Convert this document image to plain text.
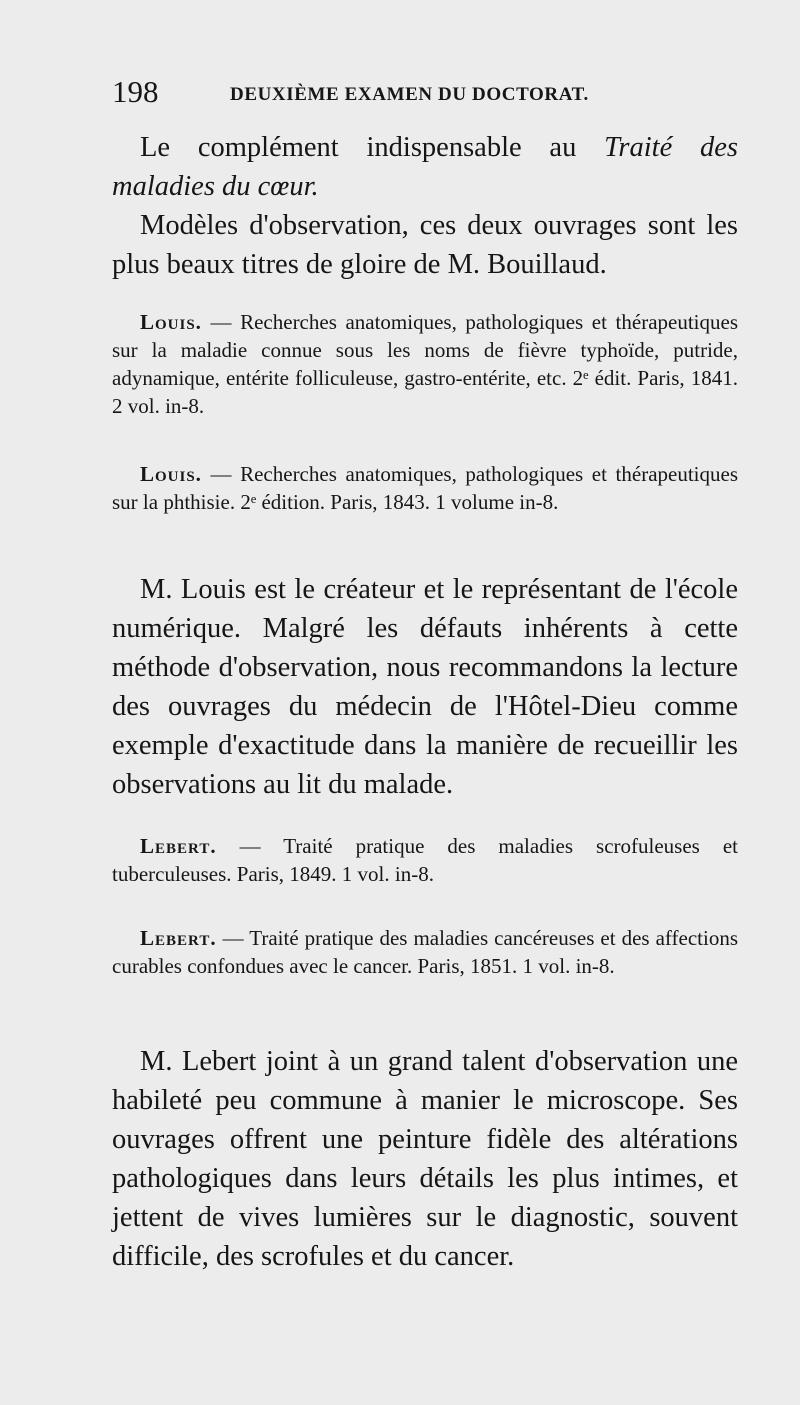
198	DEUXIÈME EXAMEN DU DOCTORAT.

Le complément indispensable au Traité des maladies du cœur.
Modèles d'observation, ces deux ouvrages sont les plus beaux titres de gloire de M. Bouillaud.

Louis. — Recherches anatomiques, pathologiques et thérapeutiques sur la maladie connue sous les noms de fièvre typhoïde, putride, adynamique, entérite folliculeuse, gastro-entérite, etc. 2ᵉ édit. Paris, 1841. 2 vol. in-8.

Louis. — Recherches anatomiques, pathologiques et thérapeutiques sur la phthisie. 2ᵉ édition. Paris, 1843. 1 volume in-8.

M. Louis est le créateur et le représentant de l'école numérique. Malgré les défauts inhérents à cette méthode d'observation, nous recommandons la lecture des ouvrages du médecin de l'Hôtel-Dieu comme exemple d'exactitude dans la manière de recueillir les observations au lit du malade.

Lebert. — Traité pratique des maladies scrofuleuses et tuberculeuses. Paris, 1849. 1 vol. in-8.

Lebert. — Traité pratique des maladies cancéreuses et des affections curables confondues avec le cancer. Paris, 1851. 1 vol. in-8.

M. Lebert joint à un grand talent d'observation une habileté peu commune à manier le microscope. Ses ouvrages offrent une peinture fidèle des altérations pathologiques dans leurs détails les plus intimes, et jettent de vives lumières sur le diagnostic, souvent difficile, des scrofules et du cancer.
